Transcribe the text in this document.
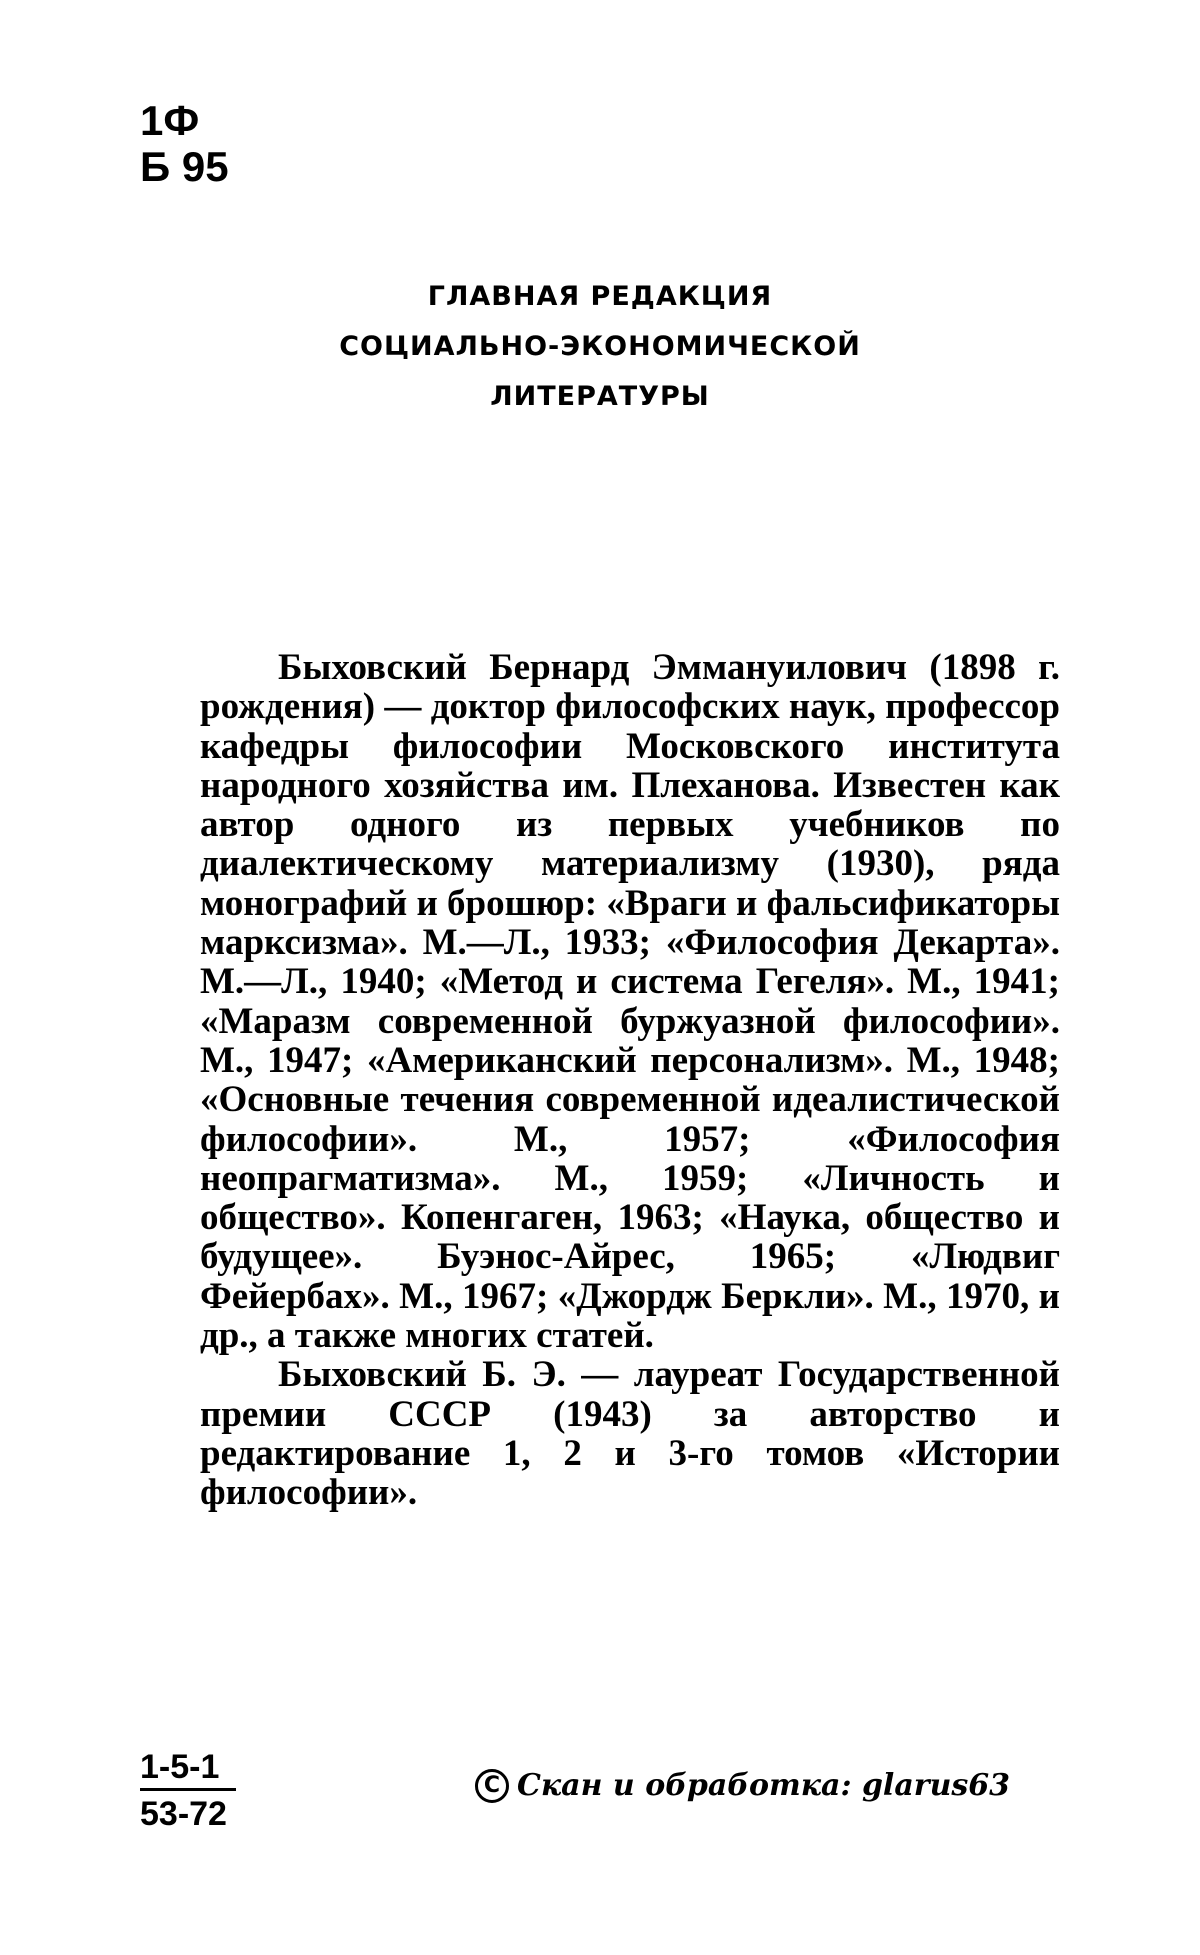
1Ф
Б 95
ГЛАВНАЯ РЕДАКЦИЯ
СОЦИАЛЬНО-ЭКОНОМИЧЕСКОЙ
ЛИТЕРАТУРЫ

Быховский Бернард Эммануилович (1898 г. рождения) — доктор философских наук, профессор кафедры философии Московского института народного хозяйства им. Плеханова. Известен как автор одного из первых учебников по диалектическому материализму (1930), ряда монографий и брошюр: «Враги и фальсификаторы марксизма». М.—Л., 1933; «Философия Декарта». М.—Л., 1940; «Метод и система Гегеля». М., 1941; «Маразм современной буржуазной философии». М., 1947; «Американский персонализм». М., 1948; «Основные течения современной идеалистической философии». М., 1957; «Философия неопрагматизма». М., 1959; «Личность и общество». Копенгаген, 1963; «Наука, общество и будущее». Буэнос-Айрес, 1965; «Людвиг Фейербах». М., 1967; «Джордж Беркли». М., 1970, и др., а также многих статей.

Быховский Б. Э. — лауреат Государственной премии СССР (1943) за авторство и редактирование 1, 2 и 3-го томов «Истории философии».

1-5-1
53-72
C Скан и обработка: glarus63
